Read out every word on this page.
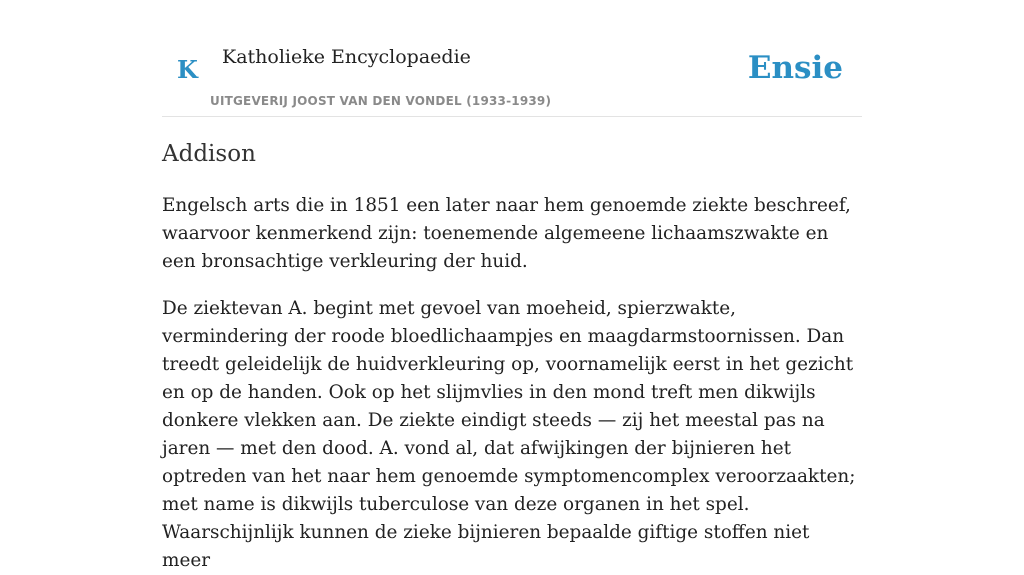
K Katholieke Encyclopaedie
UITGEVERIJ JOOST VAN DEN VONDEL (1933-1939)
Ensie
Addison

Engelsch arts die in 1851 een later naar hem genoemde ziekte beschreef, waarvoor kenmerkend zijn: toenemende algemeene lichaamszwakte en een bronsachtige verkleuring der huid.

De ziektevan A. begint met gevoel van moeheid, spierzwakte, vermindering der roode bloedlichaampjes en maagdarmstoornissen. Dan treedt geleidelijk de huidverkleuring op, voornamelijk eerst in het gezicht en op de handen. Ook op het slijmvlies in den mond treft men dikwijls donkere vlekken aan. De ziekte eindigt steeds — zij het meestal pas na jaren — met den dood. A. vond al, dat afwijkingen der bijnieren het optreden van het naar hem genoemde symptomencomplex veroorzaakten; met name is dikwijls tuberculose van deze organen in het spel. Waarschijnlijk kunnen de zieke bijnieren bepaalde giftige stoffen niet meer
